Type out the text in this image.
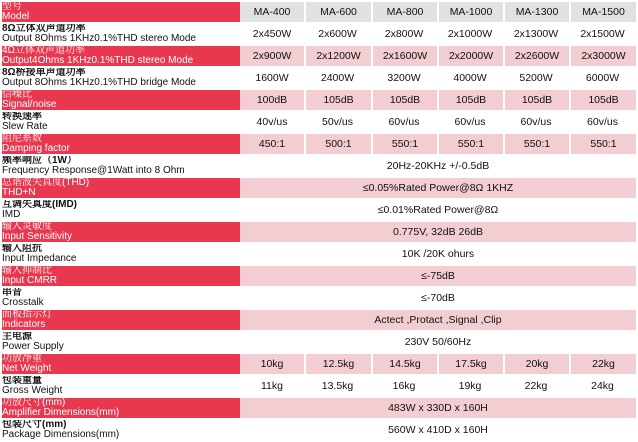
型号
Model	MA-400	MA-600	MA-800	MA-1000	MA-1300	MA-1500

8Ω立体双声道功率
Output 8Ohms 1KHz0.1%THD stereo Mode	2x450W	2x600W	2x800W	2x1000W	2x1300W	2x1500W

4Ω立体双声道功率
Output4Ohms 1KHz0.1%THD stereo Mode	2x900W	2x1200W	2x1600W	2x2000W	2x2600W	2x3000W

8Ω桥接单声道功率
Output 8Ohms 1KHz0.1%THD bridge Mode	1600W	2400W	3200W	4000W	5200W	6000W

信噪比
Signal/noise	100dB	105dB	105dB	105dB	105dB	105dB

转换速率
Slew Rate	40v/us	50v/us	60v/us	60v/us	60v/us	60v/us

阻尼系数
Damping factor	450:1	500:1	550:1	550:1	550:1	550:1

频率响应（1W）
Frequency Response@1Watt into 8 Ohm	20Hz-20KHz +/-0.5dB					

总谐波失真度(THD)
THD+N	≤0.05%Rated Power@8Ω 1KHZ					

互调失真度(IMD)
IMD	≤0.01%Rated Power@8Ω					

输入灵敏度
Input Sensitivity	0.775V, 32dB 26dB					

输入阻抗
Input Impedance	10K /20K ohurs					

输入抑制比
Input CMRR	≤-75dB					

串音
Crosstalk	≤-70dB					

面板指示灯
Indicators	Actect ,Protact ,Signal ,Clip					

主电源
Power Supply	230V 50/60Hz					

功放净重
Net Weight	10kg	12.5kg	14.5kg	17.5kg	20kg	22kg

包装重量
Gross Weight	11kg	13.5kg	16kg	19kg	22kg	24kg

功放尺寸(mm)
Amplifier Dimensions(mm)	483W x 330D x 160H					

包装尺寸(mm)
Package Dimensions(mm)	560W x 410D x 160H					
